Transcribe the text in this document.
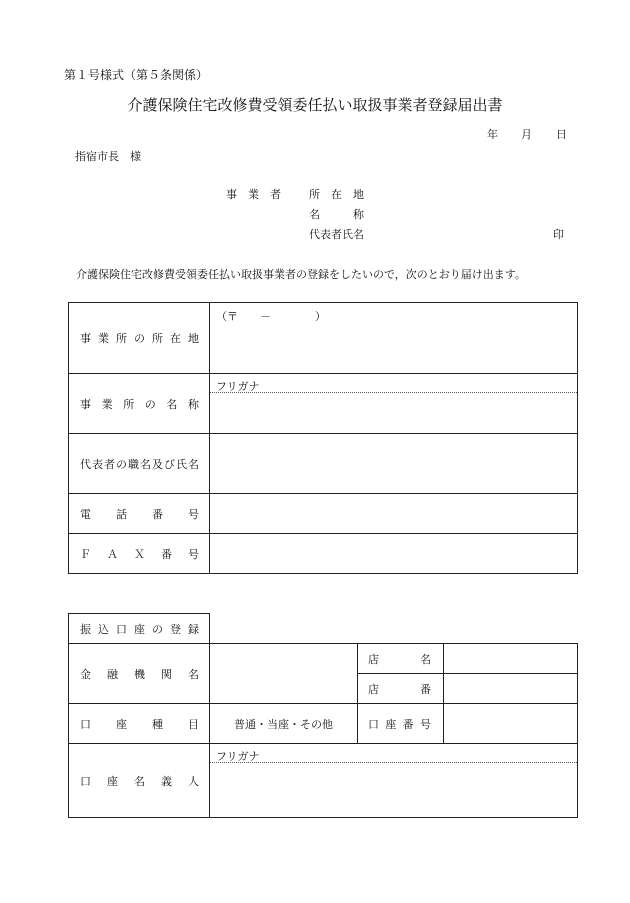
第１号様式（第５条関係）
介護保険住宅改修費受領委任払い取扱事業者登録届出書
年 月 日
指宿市長　様
事　業　者	所　在　地
名　　　称
代表者氏名	印
介護保険住宅改修費受領委任払い取扱事業者の登録をしたいので，次のとおり届け出ます。
事業所の所在地	（〒　　－　　　　）

事業所の名称	フリガナ

代表者の職名及び氏名	

電話番号	

ＦＡＸ番号	

振込口座の登録			

金融機関名		店名	

		店番	

口座種目	普通・当座・その他	口座番号	

口座名義人	フリガナ		
